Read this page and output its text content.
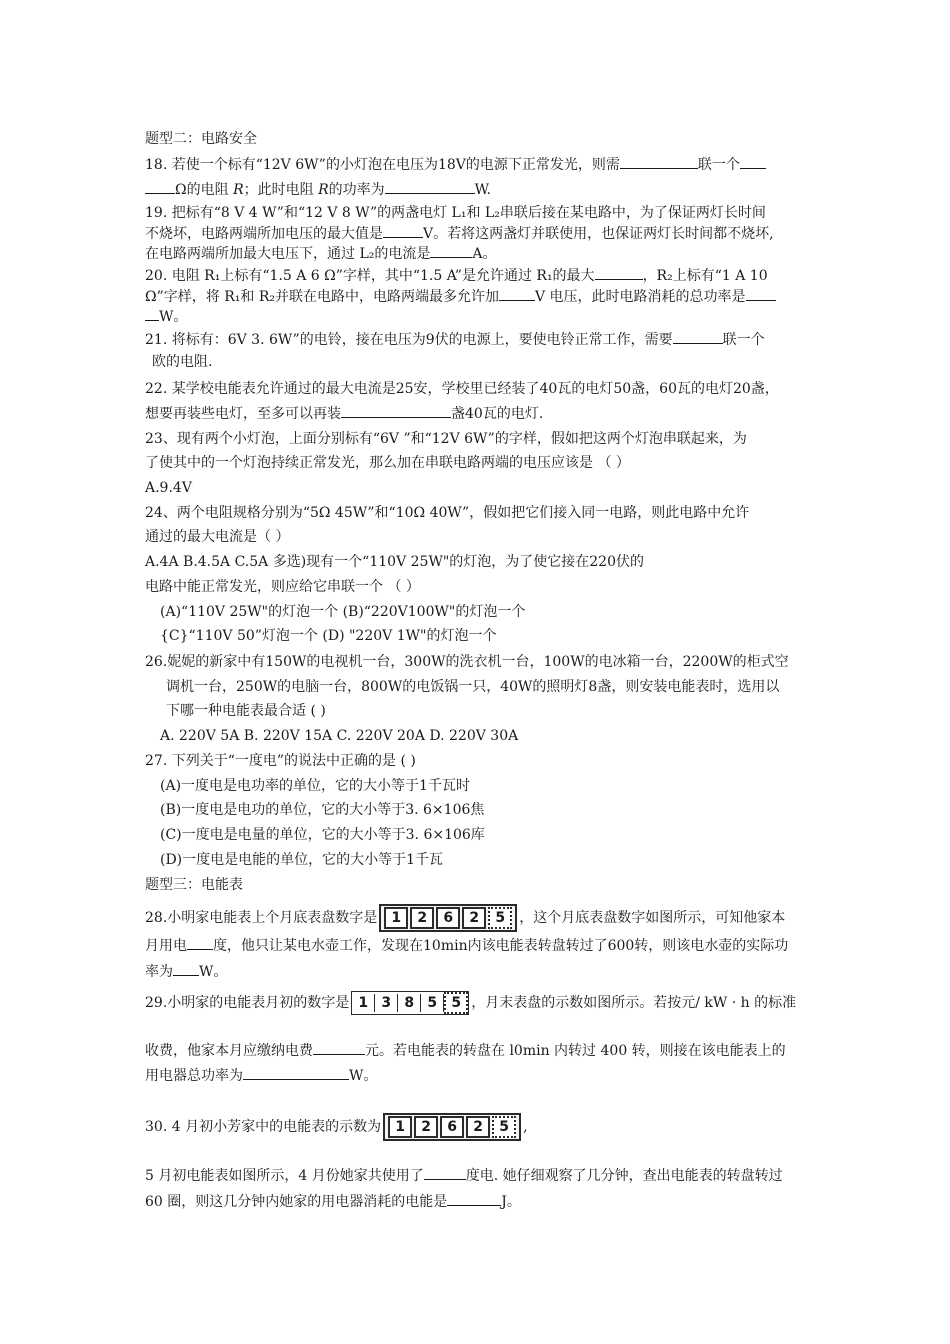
题型二：电路安全
18. 若使一个标有“12V 6W”的小灯泡在电压为18V的电源下正常发光，则需	联一个
Ω的电阻 R；此时电阻 R的功率为	W.
19. 把标有“8 V 4 W”和“12 V 8 W”的两盏电灯 L₁和 L₂串联后接在某电路中，为了保证两灯长时间
不烧坏，电路两端所加电压的最大值是	V。若将这两盏灯并联使用，也保证两灯长时间都不烧坏,
在电路两端所加最大电压下，通过 L₂的电流是	A。
20. 电阻 R₁上标有“1.5 A 6 Ω”字样，其中“1.5 A”是允许通过 R₁的最大	，R₂上标有“1 A 10
Ω”字样，将 R₁和 R₂并联在电路中，电路两端最多允许加	V 电压，此时电路消耗的总功率是
W。
21. 将标有：6V 3. 6W”的电铃，接在电压为9伏的电源上，要使电铃正常工作，需要	联一个
欧的电阻.
22. 某学校电能表允许通过的最大电流是25安，学校里已经装了40瓦的电灯50盏，60瓦的电灯20盏，
想要再装些电灯，至多可以再装	盏40瓦的电灯.
23、现有两个小灯泡，上面分别标有“6V ”和“12V 6W”的字样，假如把这两个灯泡串联起来，为
了使其中的一个灯泡持续正常发光，那么加在串联电路两端的电压应该是 （ ）
A.9.4V
24、两个电阻规格分别为“5Ω 45W”和“10Ω 40W”，假如把它们接入同一电路，则此电路中允许
通过的最大电流是（ ）
A.4A B.4.5A C.5A 多选)现有一个“110V 25W"的灯泡，为了使它接在220伏的
电路中能正常发光，则应给它串联一个 （ ）
(A)“110V 25W"的灯泡一个 (B)“220V100W"的灯泡一个
{C}“110V 50”灯泡一个 (D) "220V 1W"的灯泡一个
26.妮妮的新家中有150W的电视机一台，300W的洗衣机一台，100W的电冰箱一台，2200W的柜式空
调机一台，250W的电脑一台，800W的电饭锅一只，40W的照明灯8盏，则安装电能表时，选用以
下哪一种电能表最合适 ( )
A. 220V 5A B. 220V 15A C. 220V 20A D. 220V 30A
27. 下列关于“一度电”的说法中正确的是 ( )
(A)一度电是电功率的单位，它的大小等于1千瓦时
(B)一度电是电功的单位，它的大小等于3. 6×106焦
(C)一度电是电量的单位，它的大小等于3. 6×106库
(D)一度电是电能的单位，它的大小等于1千瓦
题型三：电能表
28.小明家电能表上个月底表盘数字是	1	2	6	2	5	，这个月底表盘数字如图所示，可知他家本
月用电 度，他只让某电水壶工作，发现在10min内该电能表转盘转过了600转，则该电水壶的实际功
率为 W。
29.小明家的电能表月初的数字是 1 3 8 5	5 ，月末表盘的示数如图所示。若按元/ kW · h 的标准
收费，他家本月应缴纳电费	元。若电能表的转盘在 l0min 内转过 400 转，则接在该电能表上的
用电器总功率为	W。
30. 4 月初小芳家中的电能表的示数为	1	2	6	2	5	,
5 月初电能表如图所示，4 月份她家共使用了	度电. 她仔细观察了几分钟，查出电能表的转盘转过
60 圈，则这几分钟内她家的用电器消耗的电能是	J。
